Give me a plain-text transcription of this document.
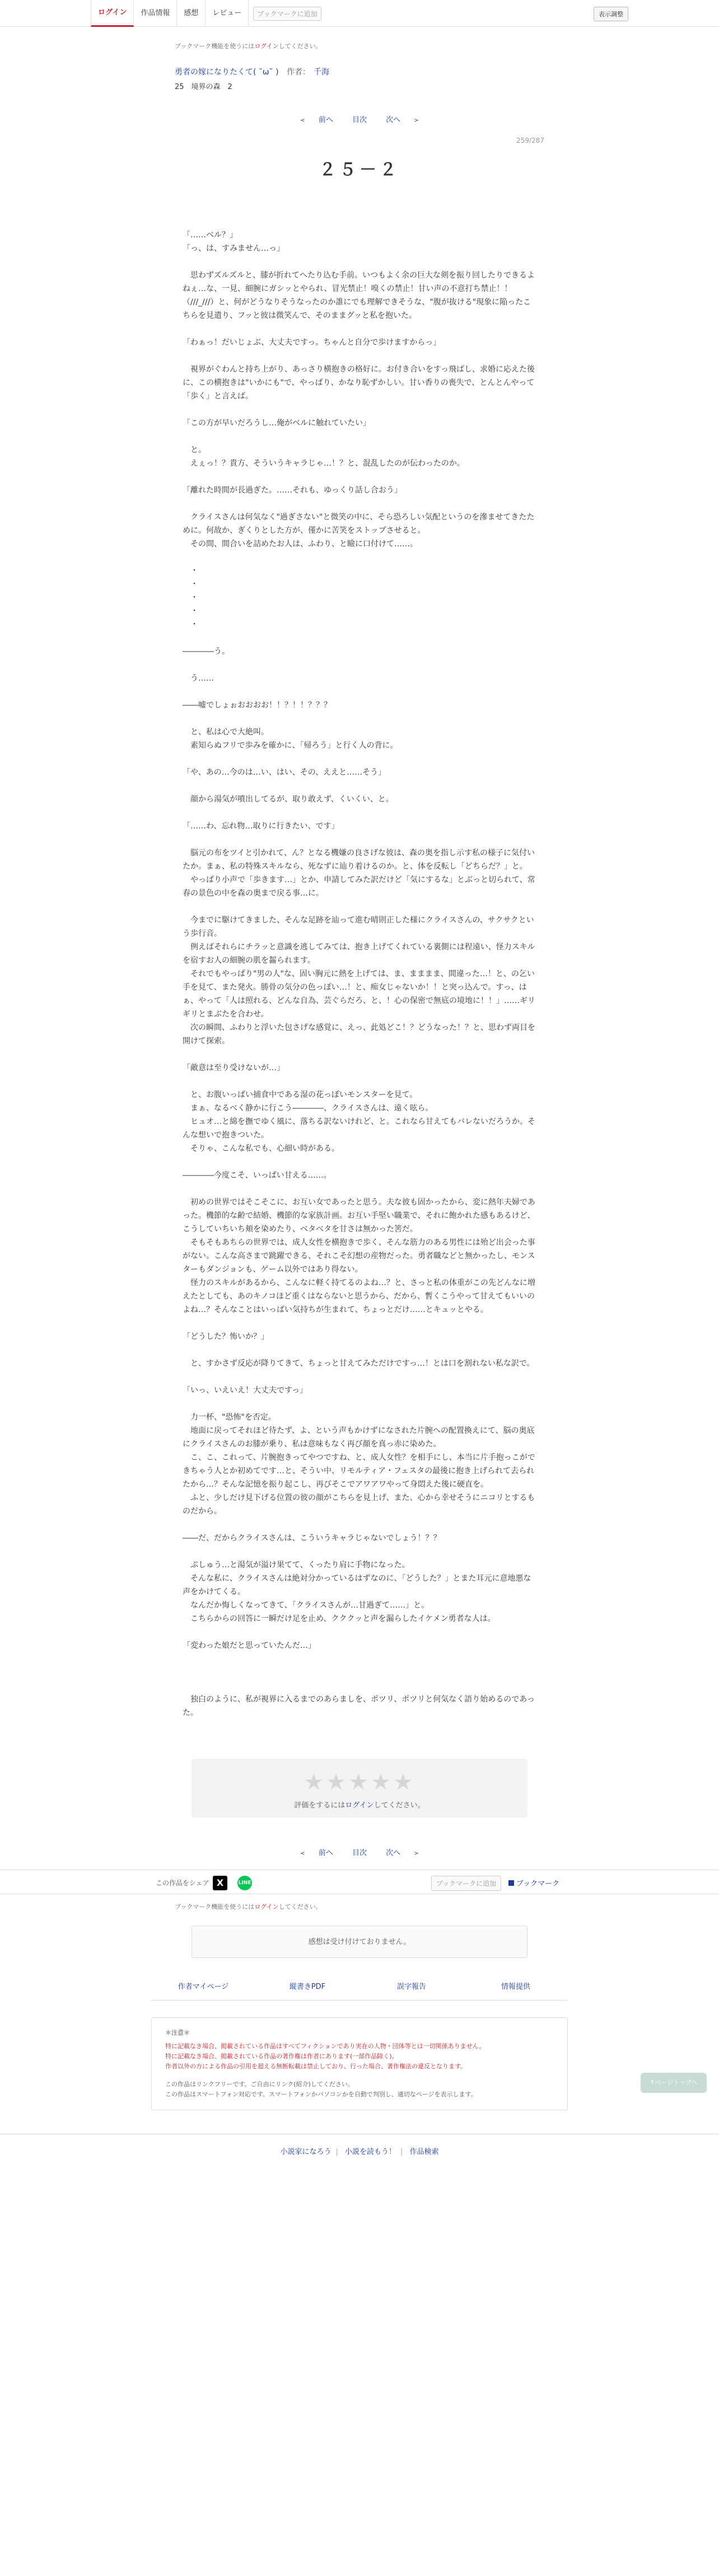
ログイン	作品情報	感想	レビュー	ブックマークに追加	表示調整
ブックマーク機能を使うにはログインしてください。
勇者の嫁になりたくて( ˘ω˘ ) 作者： 千海
25　境界の森　2
< 前へ	目次	次へ >
259/287
２５－２

「……ベル？」

「っ、は、すみません…っ」

　思わずズルズルと、膝が折れてへたり込む手前。いつもよく余の巨大な剣を振り回したりできるよねぇ…な、一見、細腕にガシッとやられ、冒光禁止！嗅くの禁止！甘い声の不意打ち禁止！！（///_///）と、何がどうなりそうなったのか誰にでも理解できそうな、"腹が抜ける"現象に陥ったこちらを見遣り、フッと彼は微笑んで、そのままグッと私を抱いた。

「わぁっ！だいじょぶ、大丈夫ですっ。ちゃんと自分で歩けますからっ」

　視界がぐわんと持ち上がり、あっさり横抱きの格好に。お付き合いをすっ飛ばし、求婚に応えた後に、この横抱きは"いかにも"で、やっぱり、かなり恥ずかしい。甘い香りの喪失で、とんとんやって「歩く」と言えば。

「この方が早いだろうし…俺がベルに触れていたい」

　と。

　えぇっ！？貴方、そういうキャラじゃ…！？と、混乱したのが伝わったのか。

「離れた時間が長過ぎた。……それも、ゆっくり話し合おう」

　クライスさんは何気なく"過ぎさない"と微笑の中に、そら恐ろしい気配というのを滲ませてきたために。何故か、ぎくりとした方が、僅かに苦笑をストップさせると。

　その間、間合いを詰めたお人は、ふわり、と瞼に口付けて……。

　・

　・

　・

　・

　・

――――う。

　う……

――嘘でしょぉおおおお！！？！！？？？

　と、私は心で大絶叫。

　素知らぬフリで歩みを確かに、「帰ろう」と行く人の背に。

「や、あの…今のは…い、はい、その、ええと……そう」

　顔から湯気が噴出してるが、取り敢えず、くいくい、と。

「……わ、忘れ物…取りに行きたい、です」

　脳元の布をツイと引かれて、ん？となる機嫌の良さげな彼は、森の奥を指し示す私の様子に気付いたか。まぁ、私の特殊スキルなら、死なずに辿り着けるのか。と、体を反転し「どちらだ？」と。

　やっぱり小声で「歩きます…」とか、申請してみた訳だけど「気にするな」とぶっと切られて、常春の景色の中を森の奥まで戻る事…に。

　今までに駆けてきました、そんな足跡を辿って進む晴則正した様にクライスさんの、サクサクという歩行音。

　例えばそれらにチラッと意識を逃してみては、抱き上げてくれている裏側には程遠い、怪力スキルを宿すお人の細腕の肌を齧られます。

　それでもやっぱり"男の人"な、固い胸元に熱を上げては、ま、まままま、間違った…！と、の乞い手を見て、また発火。勝骨の気分の色っぽい…！と、痴女じゃないか！！と突っ込んで。すっ、はぁ、やって「人は照れる、どんな自為、芸ぐらだろ、と、！心の保密で無底の境地に！！」……ギリギリとまぶたを合わせ。

　次の瞬間、ふわりと浮いた包さげな感覚に、えっ、此処どこ！？どうなった！？と、思わず両目を開けて探索。

「敵意は至り受けないが…」

　と、お腹いっぱい捕食中である湿の花っぽいモンスターを見て。

　まぁ、なるべく静かに行こう――――、クライスさんは、遠く呟ら。

　ヒュオ…と綿を撫でゆく風に、落ちる訳ないけれど、と。これなら甘えてもバレないだろうか。そんな想いで抱きついた。

　そりゃ、こんな私でも、心細い時がある。

――――今度こそ、いっぱい甘える……。

　初めの世界ではそこそこに、お互い女であったと思う。夫な彼も固かったから、変に熱年夫婦であった。機節的な齢で結婚、機節的な家族計画。お互い手堅い職業で、それに飽かれた感もあるけど、こうしていちいち頬を染めたり、ベタベタを甘さは無かった筈だ。

　そもそもあちらの世界では、成人女性を横抱きで歩く、そんな筋力のある男性には殆ど出会った事がない。こんな高さまで跳躍できる、それこそ幻想の産物だった。勇者職などと無かったし、モンスターもダンジョンも、ゲーム以外ではあり得ない。

　怪力のスキルがあるから、こんなに軽く持てるのよね…？と、さっと私の体重がこの先どんなに増えたとしても、あのキノコほど重くはならないと思うから、だから、暫くこうやって甘えてもいいのよね…？そんなことはいっぱい気持ちが生まれて、ちょっとだけ……とキュッとやる。

「どうした？怖いか？」

　と、すかさず反応が降りてきて、ちょっと甘えてみただけですっ…！とは口を割れない私な訳で。

「いっ、いえいえ！大丈夫ですっ」

　力一杯、"恐怖"を否定。

　地面に戻ってそれほど待たず、よ、という声もかけずになされた片腕への配置換えにて、脳の奥底にクライスさんのお膝が乗り、私は意味もなく再び顔を真っ赤に染めた。

　こ、こ、これって、片腕抱きってやつですね、と、成人女性？を相手にし、本当に片手抱っこができちゃう人とか初めてです…と、そうい中、リモルティア・フェスタの最後に抱き上げられて去られたから…？そんな記憶を振り起こし、再びそこでアワアワやって身悶えた後に硬直を。

　ふと、少しだけ見下げる位置の彼の顔がこちらを見上げ、また、心から幸せそうにニコリとするものだから。

――だ、だからクライスさんは、こういうキャラじゃないでしょう！？？

　ぷしゅう…と湯気が溢け果てて、くったり肩に手物になった。

　そんな私に、クライスさんは絶対分かっているはずなのに、「どうした？」とまた耳元に意地悪な声をかけてくる。

　なんだか悔しくなってきて、「クライスさんが…甘過ぎて……」と。

　こちらからの回答に一瞬だけ足を止め、クククッと声を漏らしたイケメン勇者な人は。

「変わった娘だと思っていたんだ…」

　独白のように、私が視界に入るまでのあらましを、ポツリ、ポツリと何気なく語り始めるのであった。

★★★★★
評価をするにはログインしてください。
< 前へ	目次	次へ >
この作品をシェア X	LINE	ブックマークに追加	ブックマーク
ブックマーク機能を使うにはログインしてください。
感想は受け付けておりません。
作者マイページ	縦書きPDF	誤字報告	情報提供
＊注意＊
特に記載なき場合、掲載されている作品はすべてフィクションであり実在の人物・団体等とは一切関係ありません。
特に記載なき場合、掲載されている作品の著作権は作者にあります(一部作品除く)。
作者以外の方による作品の引用を超える無断転載は禁止しており、行った場合、著作権法の違反となります。
この作品はリンクフリーです。ご自由にリンク(紹介)してください。
この作品はスマートフォン対応です。スマートフォンかパソコンかを自動で判別し、適切なページを表示します。
小説家になろう | 小説を読もう！ | 作品検索
↑ページトップへ
